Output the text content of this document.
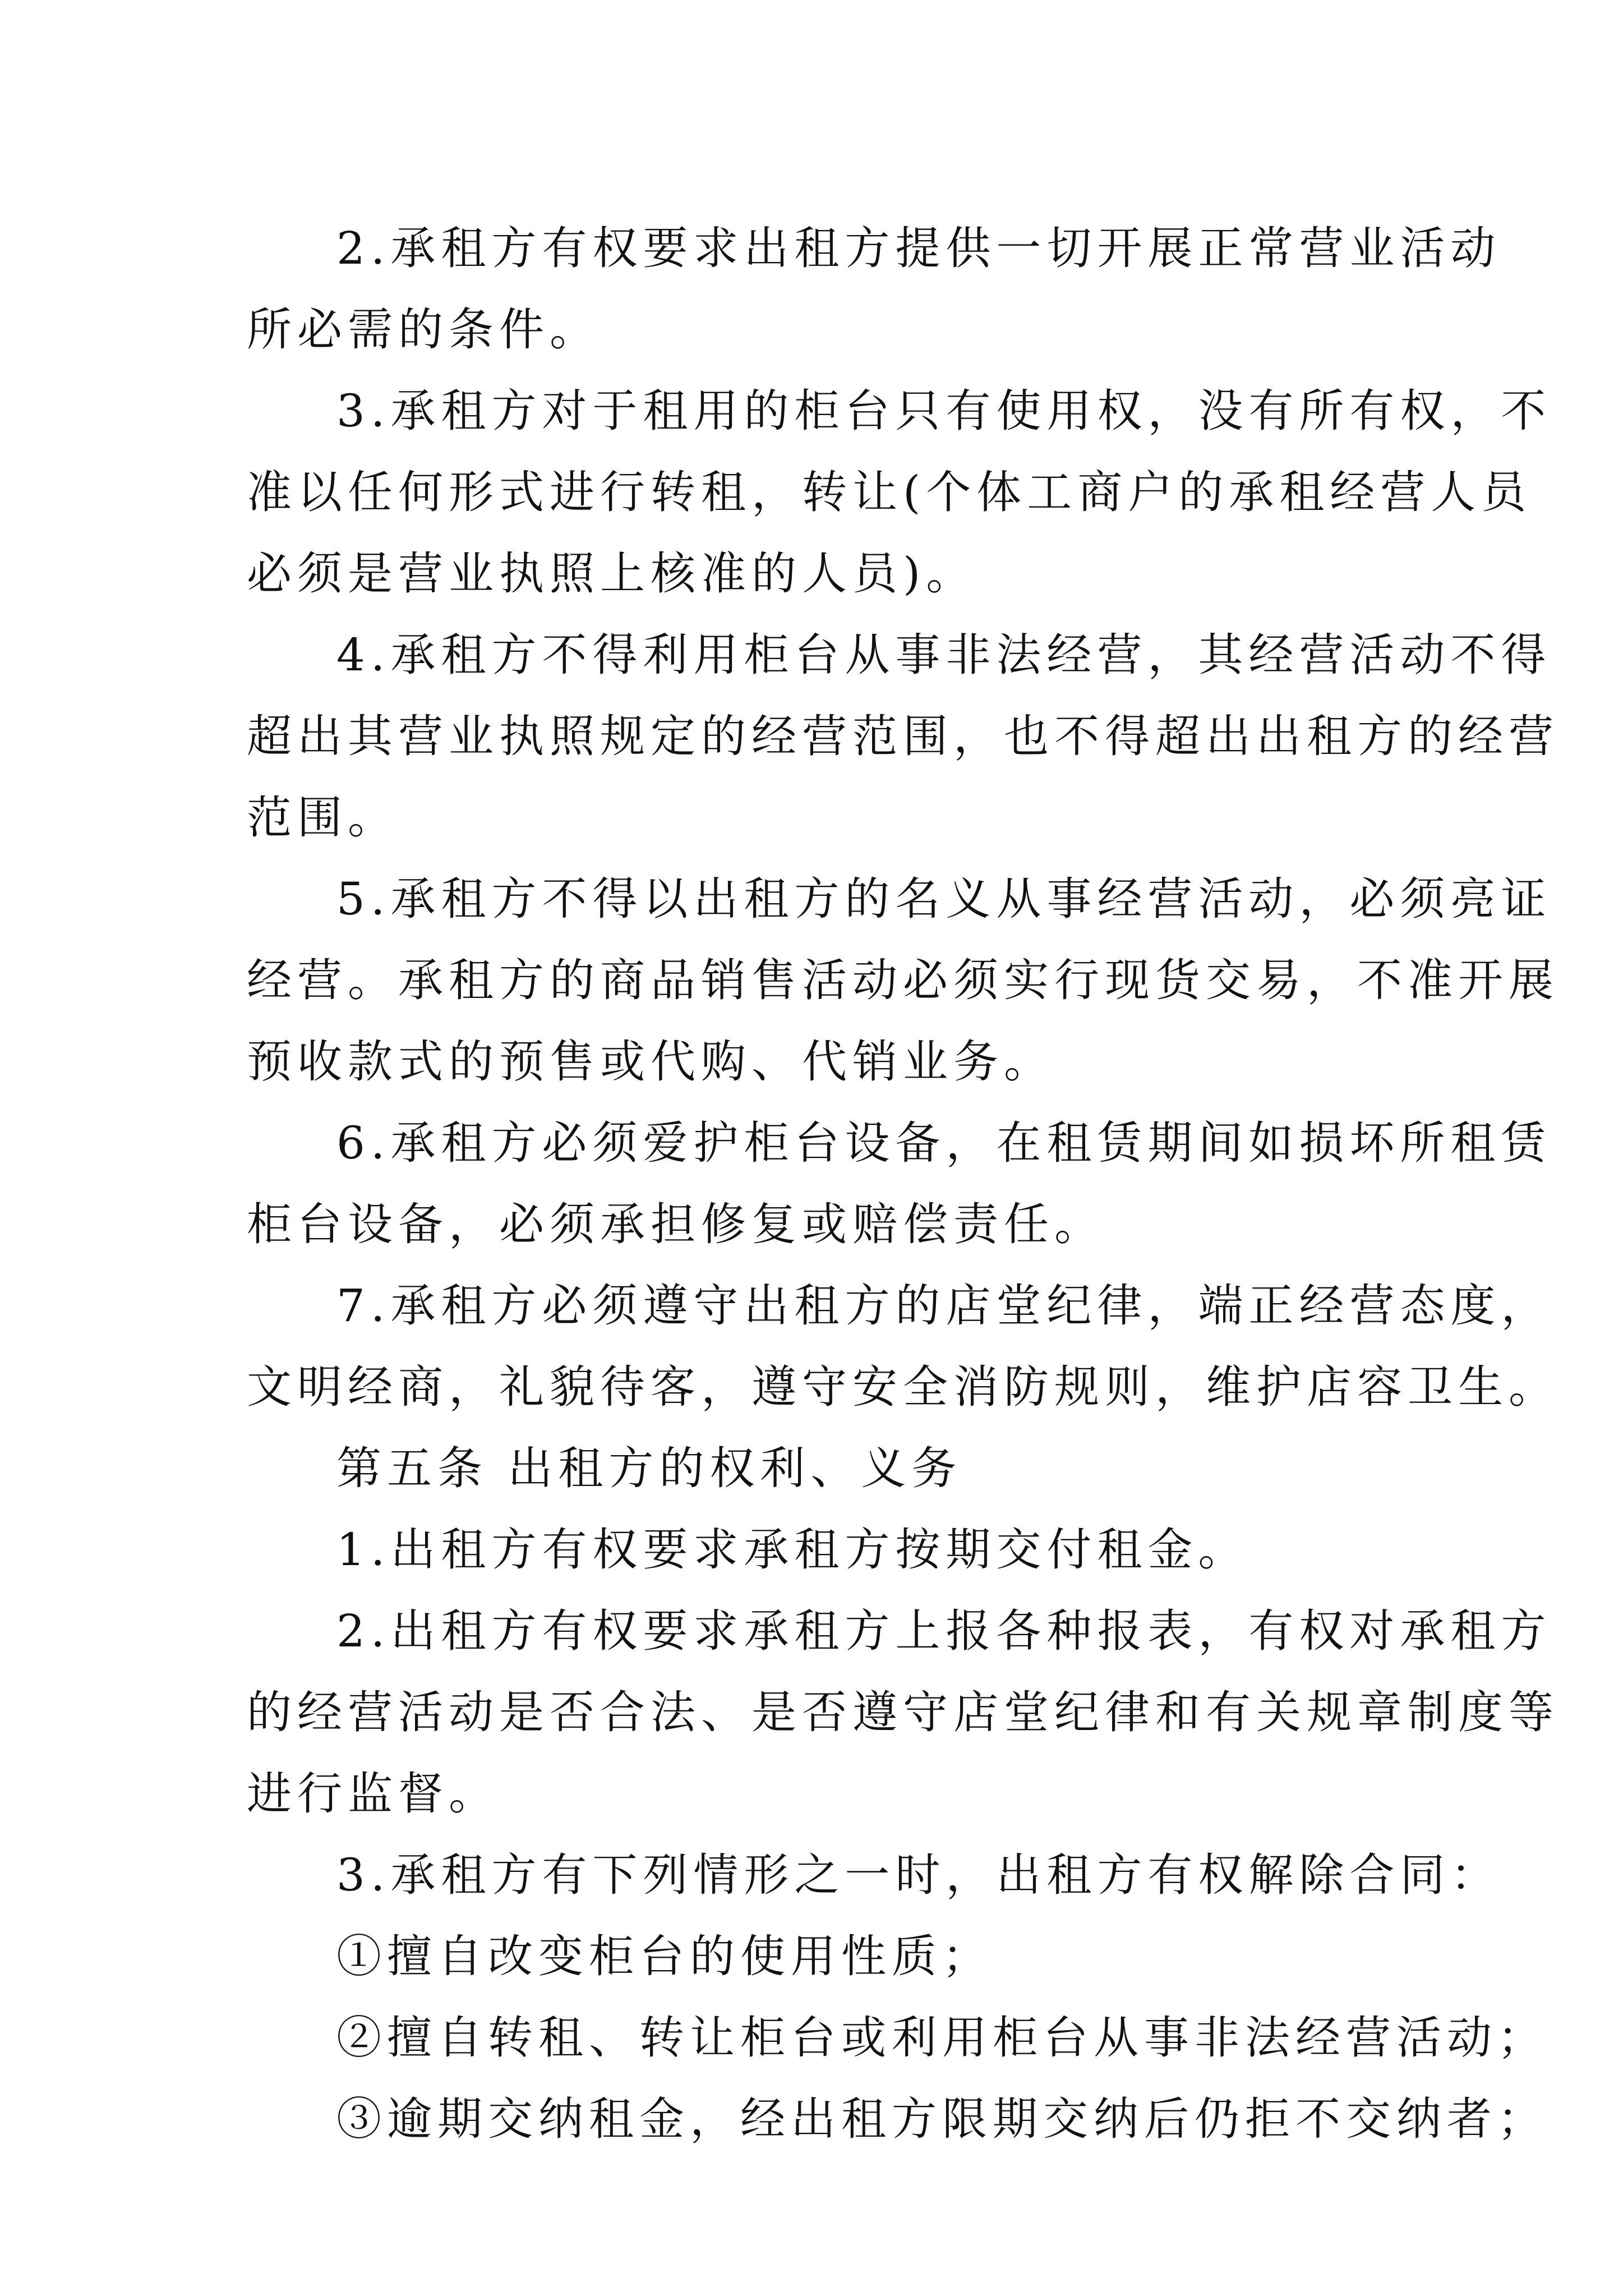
2.承租方有权要求出租方提供一切开展正常营业活动
所必需的条件。
3.承租方对于租用的柜台只有使用权，没有所有权，不
准以任何形式进行转租，转让(个体工商户的承租经营人员
必须是营业执照上核准的人员)。
4.承租方不得利用柜台从事非法经营，其经营活动不得
超出其营业执照规定的经营范围，也不得超出出租方的经营
范围。
5.承租方不得以出租方的名义从事经营活动，必须亮证
经营。承租方的商品销售活动必须实行现货交易，不准开展
预收款式的预售或代购、代销业务。
6.承租方必须爱护柜台设备，在租赁期间如损坏所租赁
柜台设备，必须承担修复或赔偿责任。
7.承租方必须遵守出租方的店堂纪律，端正经营态度，
文明经商，礼貌待客，遵守安全消防规则，维护店容卫生。
第五条 出租方的权利、义务
1.出租方有权要求承租方按期交付租金。
2.出租方有权要求承租方上报各种报表，有权对承租方
的经营活动是否合法、是否遵守店堂纪律和有关规章制度等
进行监督。
3.承租方有下列情形之一时，出租方有权解除合同：
①擅自改变柜台的使用性质；
②擅自转租、转让柜台或利用柜台从事非法经营活动；
③逾期交纳租金，经出租方限期交纳后仍拒不交纳者；
